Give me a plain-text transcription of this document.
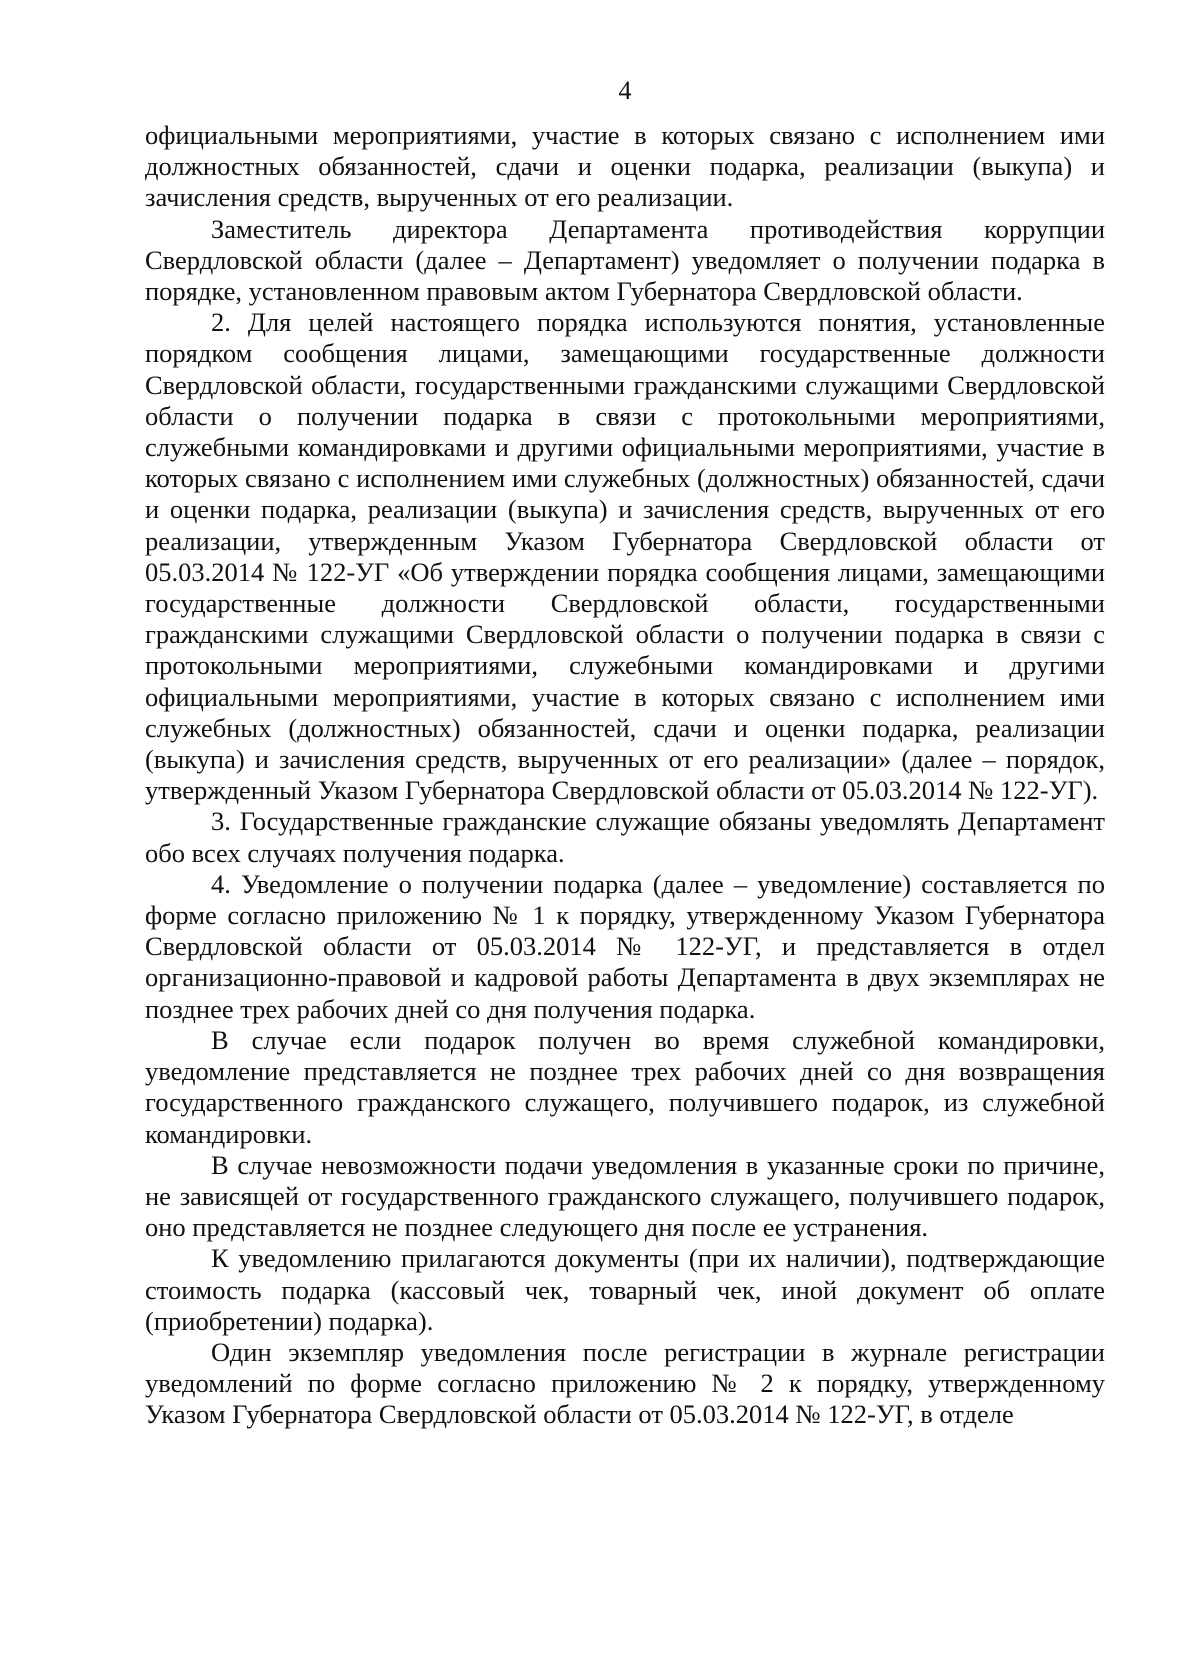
4

официальными мероприятиями, участие в которых связано с исполнением ими должностных обязанностей, сдачи и оценки подарка, реализации (выкупа) и зачисления средств, вырученных от его реализации.

Заместитель директора Департамента противодействия коррупции Свердловской области (далее – Департамент) уведомляет о получении подарка в порядке, установленном правовым актом Губернатора Свердловской области.

2. Для целей настоящего порядка используются понятия, установленные порядком сообщения лицами, замещающими государственные должности Свердловской области, государственными гражданскими служащими Свердловской области о получении подарка в связи с протокольными мероприятиями, служебными командировками и другими официальными мероприятиями, участие в которых связано с исполнением ими служебных (должностных) обязанностей, сдачи и оценки подарка, реализации (выкупа) и зачисления средств, вырученных от его реализации, утвержденным Указом Губернатора Свердловской области от 05.03.2014 № 122-УГ «Об утверждении порядка сообщения лицами, замещающими государственные должности Свердловской области, государственными гражданскими служащими Свердловской области о получении подарка в связи с протокольными мероприятиями, служебными командировками и другими официальными мероприятиями, участие в которых связано с исполнением ими служебных (должностных) обязанностей, сдачи и оценки подарка, реализации (выкупа) и зачисления средств, вырученных от его реализации» (далее – порядок, утвержденный Указом Губернатора Свердловской области от 05.03.2014 № 122-УГ).

3. Государственные гражданские служащие обязаны уведомлять Департамент обо всех случаях получения подарка.

4. Уведомление о получении подарка (далее – уведомление) составляется по форме согласно приложению № 1 к порядку, утвержденному Указом Губернатора Свердловской области от 05.03.2014 № 122-УГ, и представляется в отдел организационно-правовой и кадровой работы Департамента в двух экземплярах не позднее трех рабочих дней со дня получения подарка.

В случае если подарок получен во время служебной командировки, уведомление представляется не позднее трех рабочих дней со дня возвращения государственного гражданского служащего, получившего подарок, из служебной командировки.

В случае невозможности подачи уведомления в указанные сроки по причине, не зависящей от государственного гражданского служащего, получившего подарок, оно представляется не позднее следующего дня после ее устранения.

К уведомлению прилагаются документы (при их наличии), подтверждающие стоимость подарка (кассовый чек, товарный чек, иной документ об оплате (приобретении) подарка).

Один экземпляр уведомления после регистрации в журнале регистрации уведомлений по форме согласно приложению № 2 к порядку, утвержденному Указом Губернатора Свердловской области от 05.03.2014 № 122-УГ, в отделе
